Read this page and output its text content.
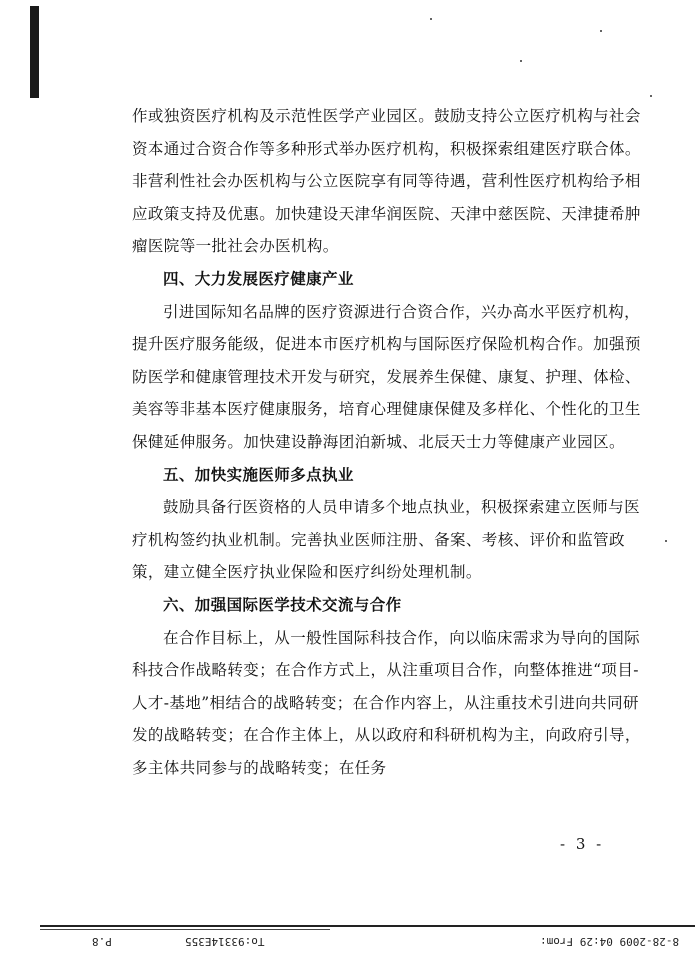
作或独资医疗机构及示范性医学产业园区。鼓励支持公立医疗机构与社会资本通过合资合作等多种形式举办医疗机构，积极探索组建医疗联合体。非营利性社会办医机构与公立医院享有同等待遇，营利性医疗机构给予相应政策支持及优惠。加快建设天津华润医院、天津中慈医院、天津捷希肿瘤医院等一批社会办医机构。

四、大力发展医疗健康产业

引进国际知名品牌的医疗资源进行合资合作，兴办高水平医疗机构，提升医疗服务能级，促进本市医疗机构与国际医疗保险机构合作。加强预防医学和健康管理技术开发与研究，发展养生保健、康复、护理、体检、美容等非基本医疗健康服务，培育心理健康保健及多样化、个性化的卫生保健延伸服务。加快建设静海团泊新城、北辰天士力等健康产业园区。

五、加快实施医师多点执业

鼓励具备行医资格的人员申请多个地点执业，积极探索建立医师与医疗机构签约执业机制。完善执业医师注册、备案、考核、评价和监管政策，建立健全医疗执业保险和医疗纠纷处理机制。

六、加强国际医学技术交流与合作

在合作目标上，从一般性国际科技合作，向以临床需求为导向的国际科技合作战略转变；在合作方式上，从注重项目合作，向整体推进“项目-人才-基地”相结合的战略转变；在合作内容上，从注重技术引进向共同研发的战略转变；在合作主体上，从以政府和科研机构为主，向政府引导，多主体共同参与的战略转变；在任务

- 3 -
P.8	To:93314E355	8-28-2009 04:29 From:
